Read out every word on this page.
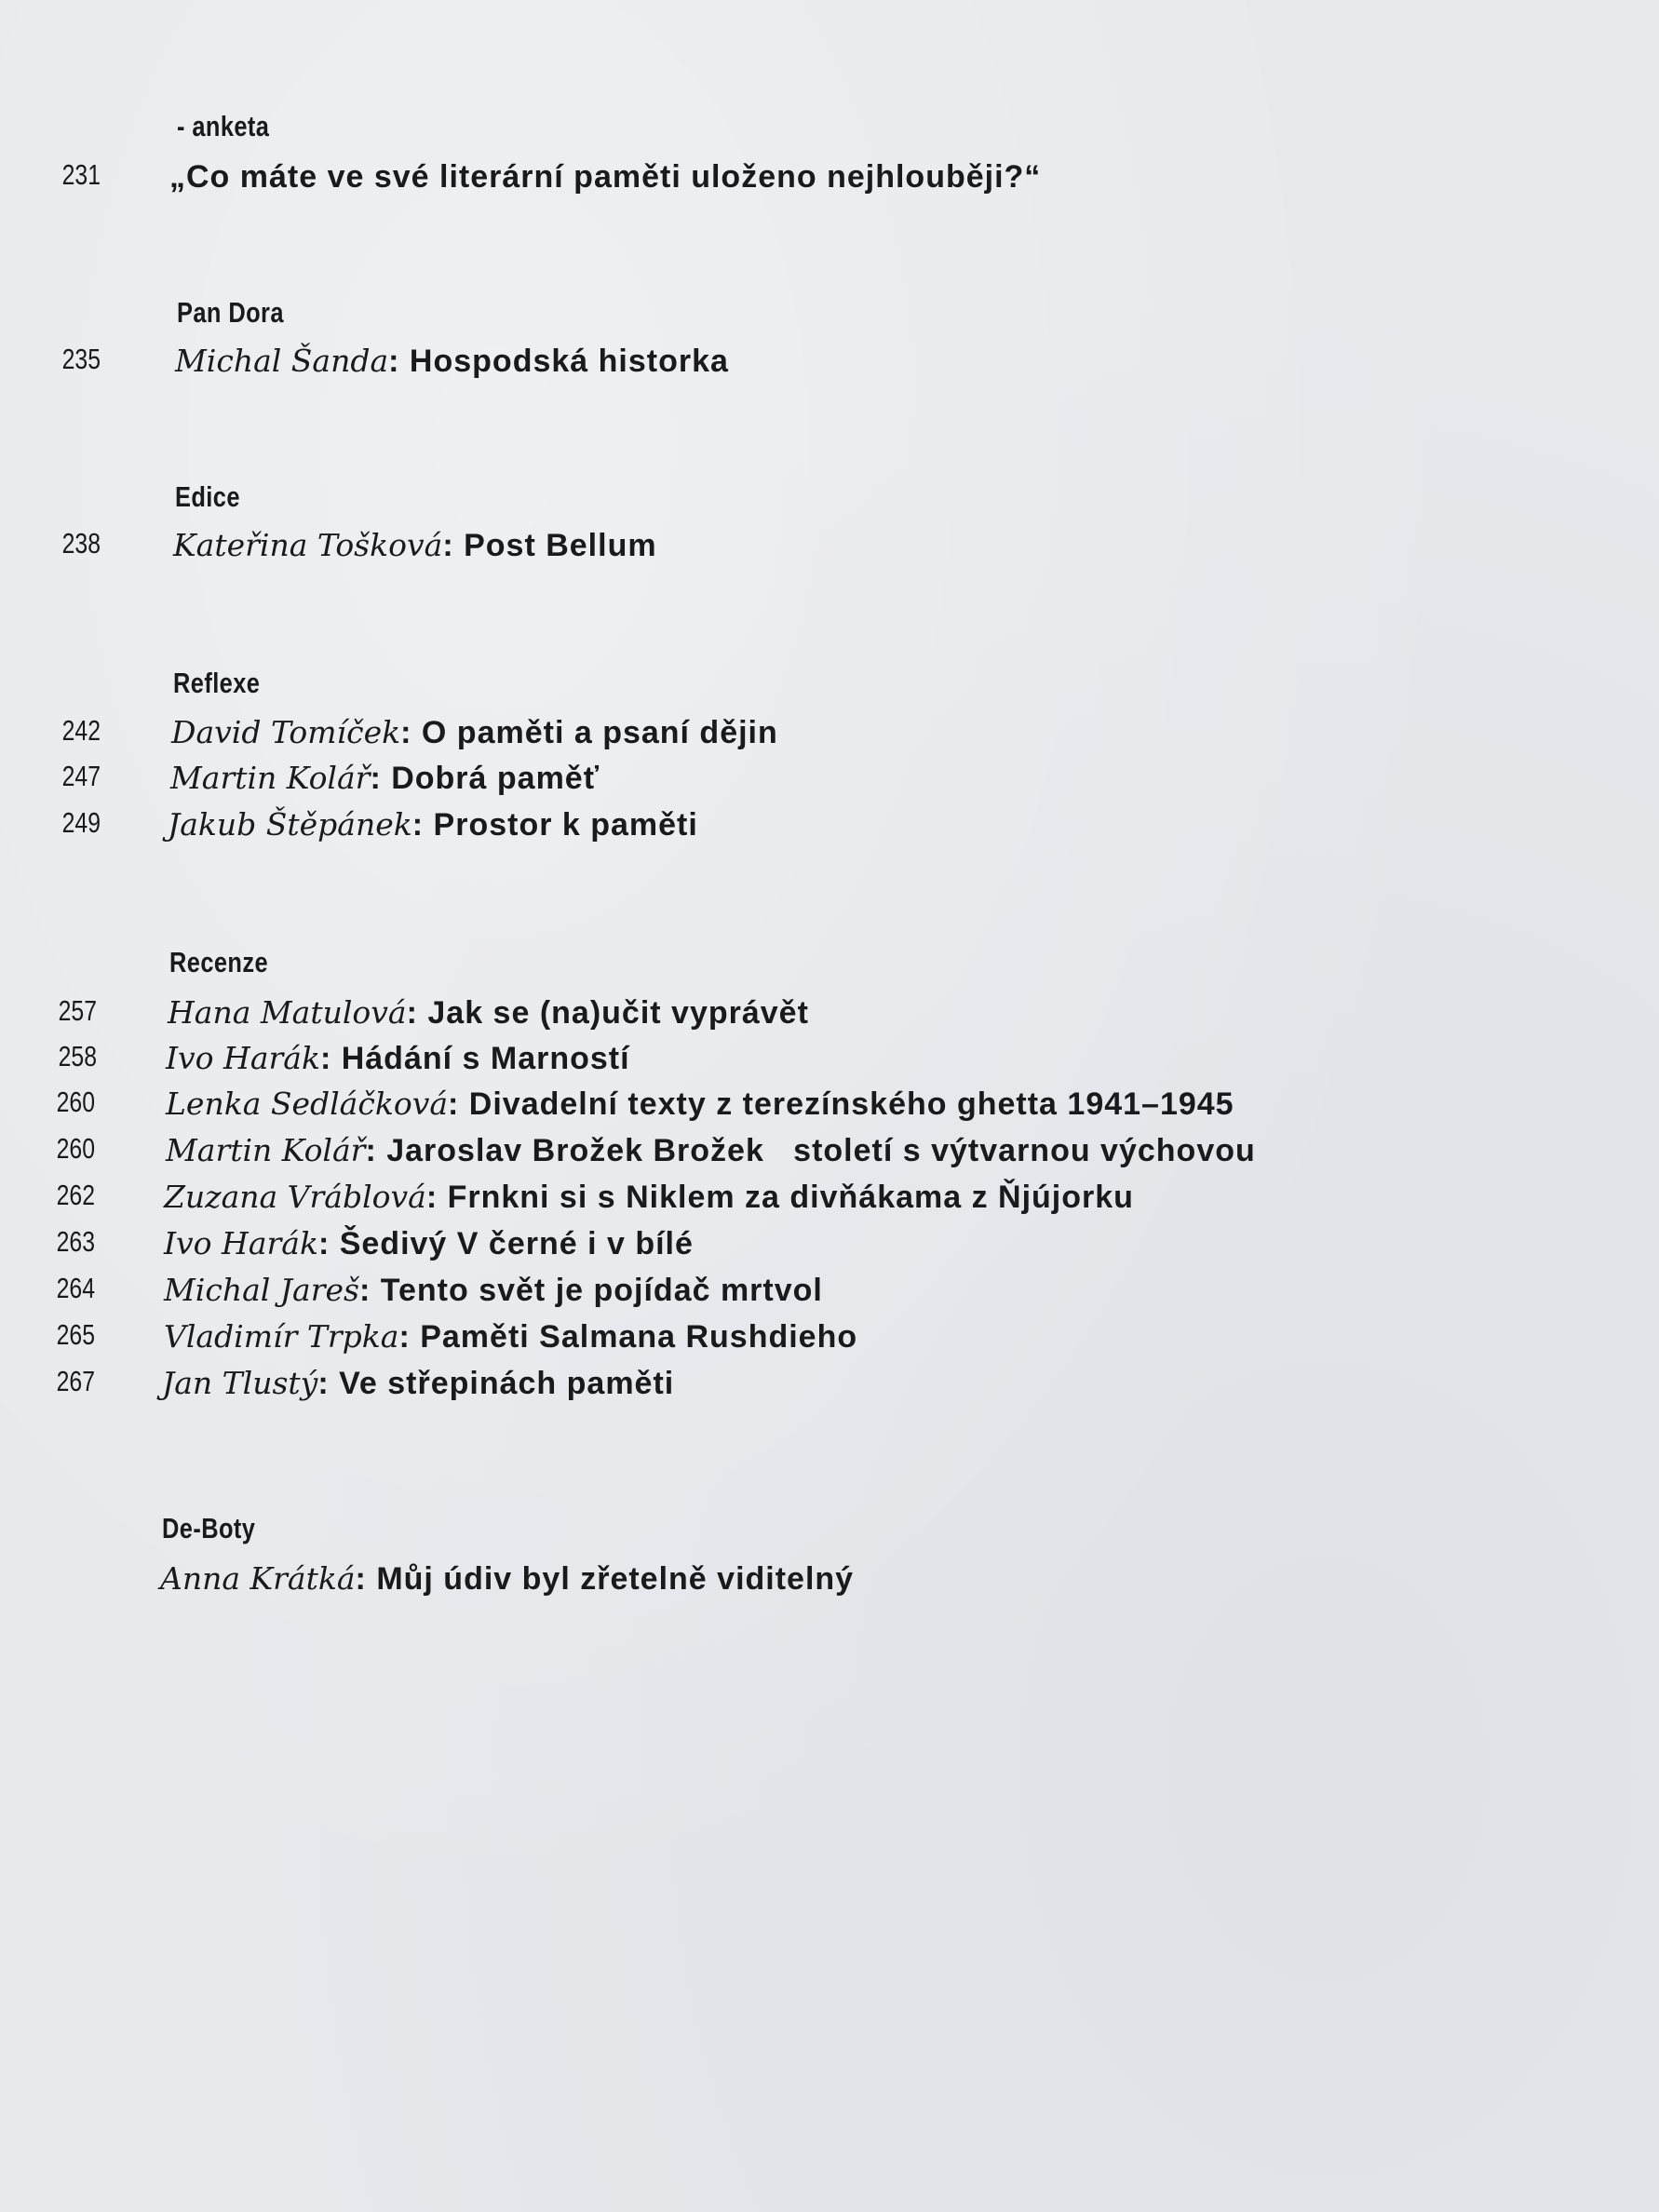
- anketa
231 „Co máte ve své literární paměti uloženo nejhlouběji?“
Pan Dora
235 Michal Šanda: Hospodská historka
Edice
238 Kateřina Tošková: Post Bellum
Reflexe
242 David Tomíček: O paměti a psaní dějin
247 Martin Kolář: Dobrá paměť
249 Jakub Štěpánek: Prostor k paměti
Recenze
257 Hana Matulová: Jak se (na)učit vyprávět
258 Ivo Harák: Hádání s Marností
260 Lenka Sedláčková: Divadelní texty z terezínského ghetta 1941–1945
260 Martin Kolář: Jaroslav Brožek Brožek   století s výtvarnou výchovou
262 Zuzana Vráblová: Frnkni si s Niklem za divňákama z Ňjújorku
263 Ivo Harák: Šedivý V černé i v bílé
264 Michal Jareš: Tento svět je pojídač mrtvol
265 Vladimír Trpka: Paměti Salmana Rushdieho
267 Jan Tlustý: Ve střepinách paměti
De-Boty
Anna Krátká: Můj údiv byl zřetelně viditelný
